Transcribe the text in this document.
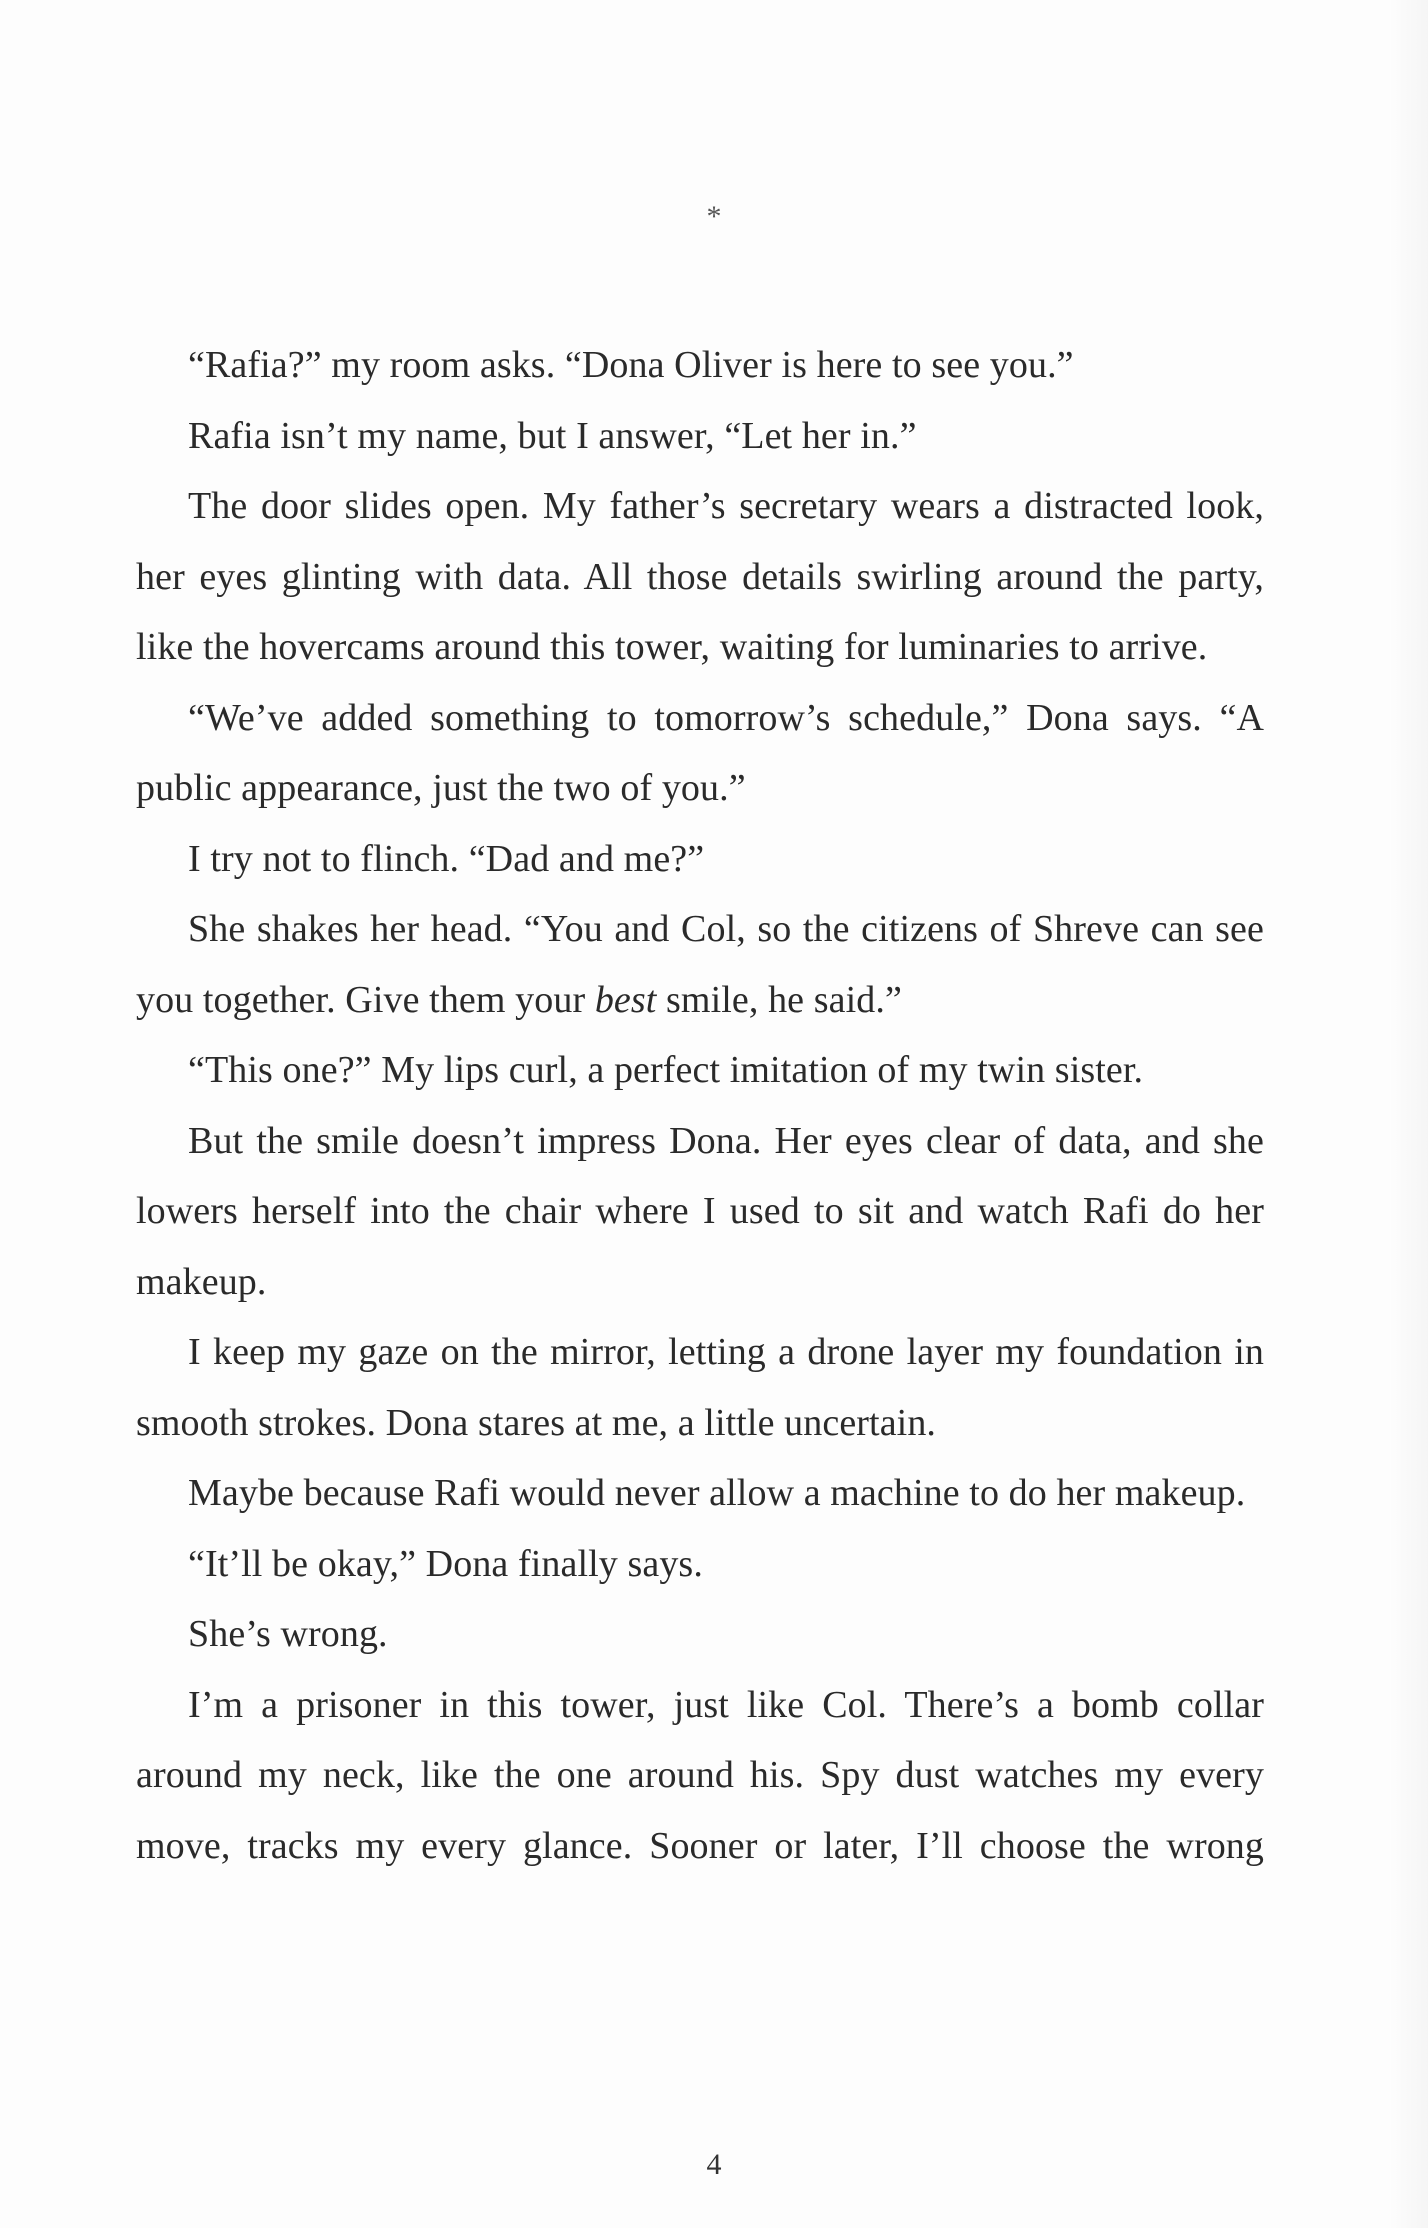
*

“Rafia?” my room asks. “Dona Oliver is here to see you.”

Rafia isn’t my name, but I answer, “Let her in.”

The door slides open. My father’s secretary wears a distracted look, her eyes glinting with data. All those details swirling around the party, like the hovercams around this tower, waiting for luminaries to arrive.

“We’ve added something to tomorrow’s schedule,” Dona says. “A public appearance, just the two of you.”

I try not to flinch. “Dad and me?”

She shakes her head. “You and Col, so the citizens of Shreve can see you together. Give them your best smile, he said.”

“This one?” My lips curl, a perfect imitation of my twin sister.

But the smile doesn’t impress Dona. Her eyes clear of data, and she lowers herself into the chair where I used to sit and watch Rafi do her makeup.

I keep my gaze on the mirror, letting a drone layer my foundation in smooth strokes. Dona stares at me, a little uncertain.

Maybe because Rafi would never allow a machine to do her makeup.

“It’ll be okay,” Dona finally says.

She’s wrong.

I’m a prisoner in this tower, just like Col. There’s a bomb collar around my neck, like the one around his. Spy dust watches my every move, tracks my every glance. Sooner or later, I’ll choose the wrong

4
